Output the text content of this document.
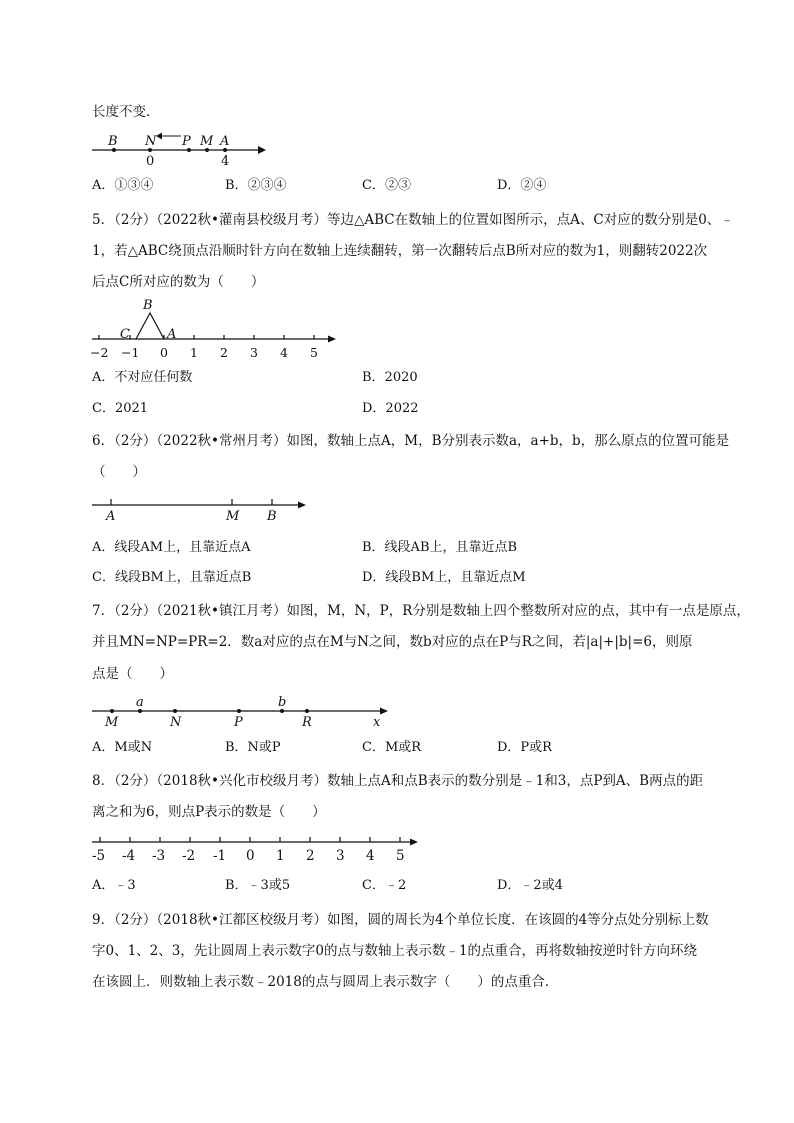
长度不变．
B N P M A
0	4
A．①③④	B．②③④	C．②③	D．②④
5．（2分）（2022秋•灌南县校级月考）等边△ABC在数轴上的位置如图所示，点A、C对应的数分别是0、﹣
1，若△ABC绕顶点沿顺时针方向在数轴上连续翻转，第一次翻转后点B所对应的数为1，则翻转2022次
后点C所对应的数为（　　）
B
C	A
−2 −1 0 1 2 3 4 5
A．不对应任何数	B．2020
C．2021	D．2022
6．（2分）（2022秋•常州月考）如图，数轴上点A，M，B分别表示数a，a+b，b，那么原点的位置可能是
（　　）
A	M B
A．线段AM上，且靠近点A	B．线段AB上，且靠近点B
C．线段BM上，且靠近点B	D．线段BM上，且靠近点M
7．（2分）（2021秋•镇江月考）如图，M，N，P，R分别是数轴上四个整数所对应的点，其中有一点是原点，
并且MN=NP=PR=2．数a对应的点在M与N之间，数b对应的点在P与R之间，若|a|+|b|=6，则原
点是（　　）
a	b
M	N	P	R	x
A．M或N	B．N或P	C．M或R	D．P或R
8．（2分）（2018秋•兴化市校级月考）数轴上点A和点B表示的数分别是﹣1和3，点P到A、B两点的距
离之和为6，则点P表示的数是（　　）
-5 -4 -3 -2 -1 0 1 2 3 4 5
A．﹣3	B．﹣3或5	C．﹣2	D．﹣2或4
9．（2分）（2018秋•江都区校级月考）如图，圆的周长为4个单位长度．在该圆的4等分点处分别标上数
字0、1、2、3，先让圆周上表示数字0的点与数轴上表示数﹣1的点重合，再将数轴按逆时针方向环绕
在该圆上．则数轴上表示数﹣2018的点与圆周上表示数字（　　）的点重合．
